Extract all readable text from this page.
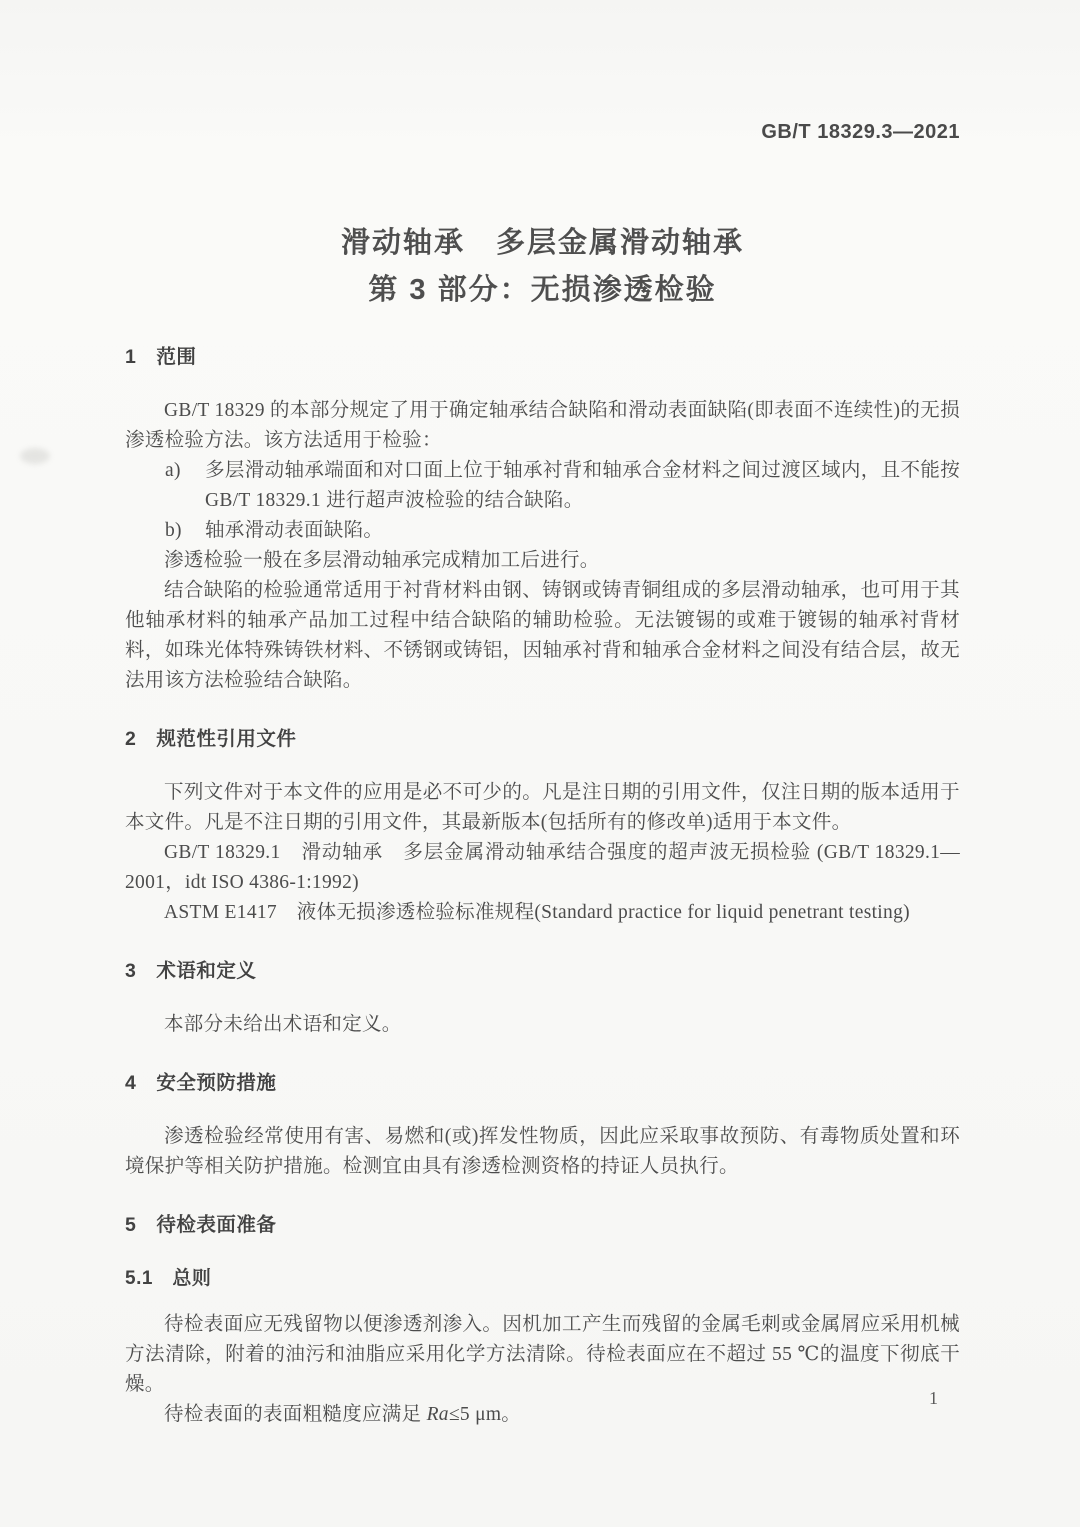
GB/T 18329.3—2021
滑动轴承　多层金属滑动轴承
第 3 部分：无损渗透检验
1　范围

GB/T 18329 的本部分规定了用于确定轴承结合缺陷和滑动表面缺陷(即表面不连续性)的无损渗透检验方法。该方法适用于检验：

a) 多层滑动轴承端面和对口面上位于轴承衬背和轴承合金材料之间过渡区域内，且不能按 GB/T 18329.1 进行超声波检验的结合缺陷。

b) 轴承滑动表面缺陷。

渗透检验一般在多层滑动轴承完成精加工后进行。

结合缺陷的检验通常适用于衬背材料由钢、铸钢或铸青铜组成的多层滑动轴承，也可用于其他轴承材料的轴承产品加工过程中结合缺陷的辅助检验。无法镀锡的或难于镀锡的轴承衬背材料，如珠光体特殊铸铁材料、不锈钢或铸铝，因轴承衬背和轴承合金材料之间没有结合层，故无法用该方法检验结合缺陷。

2　规范性引用文件

下列文件对于本文件的应用是必不可少的。凡是注日期的引用文件，仅注日期的版本适用于本文件。凡是不注日期的引用文件，其最新版本(包括所有的修改单)适用于本文件。

GB/T 18329.1　滑动轴承　多层金属滑动轴承结合强度的超声波无损检验 (GB/T 18329.1—2001，idt ISO 4386-1:1992)

ASTM E1417　液体无损渗透检验标准规程(Standard practice for liquid penetrant testing)

3　术语和定义

本部分未给出术语和定义。

4　安全预防措施

渗透检验经常使用有害、易燃和(或)挥发性物质，因此应采取事故预防、有毒物质处置和环境保护等相关防护措施。检测宜由具有渗透检测资格的持证人员执行。

5　待检表面准备
5.1　总则

待检表面应无残留物以便渗透剂渗入。因机加工产生而残留的金属毛刺或金属屑应采用机械方法清除，附着的油污和油脂应采用化学方法清除。待检表面应在不超过 55 ℃的温度下彻底干燥。

待检表面的表面粗糙度应满足 Ra≤5 μm。

1
